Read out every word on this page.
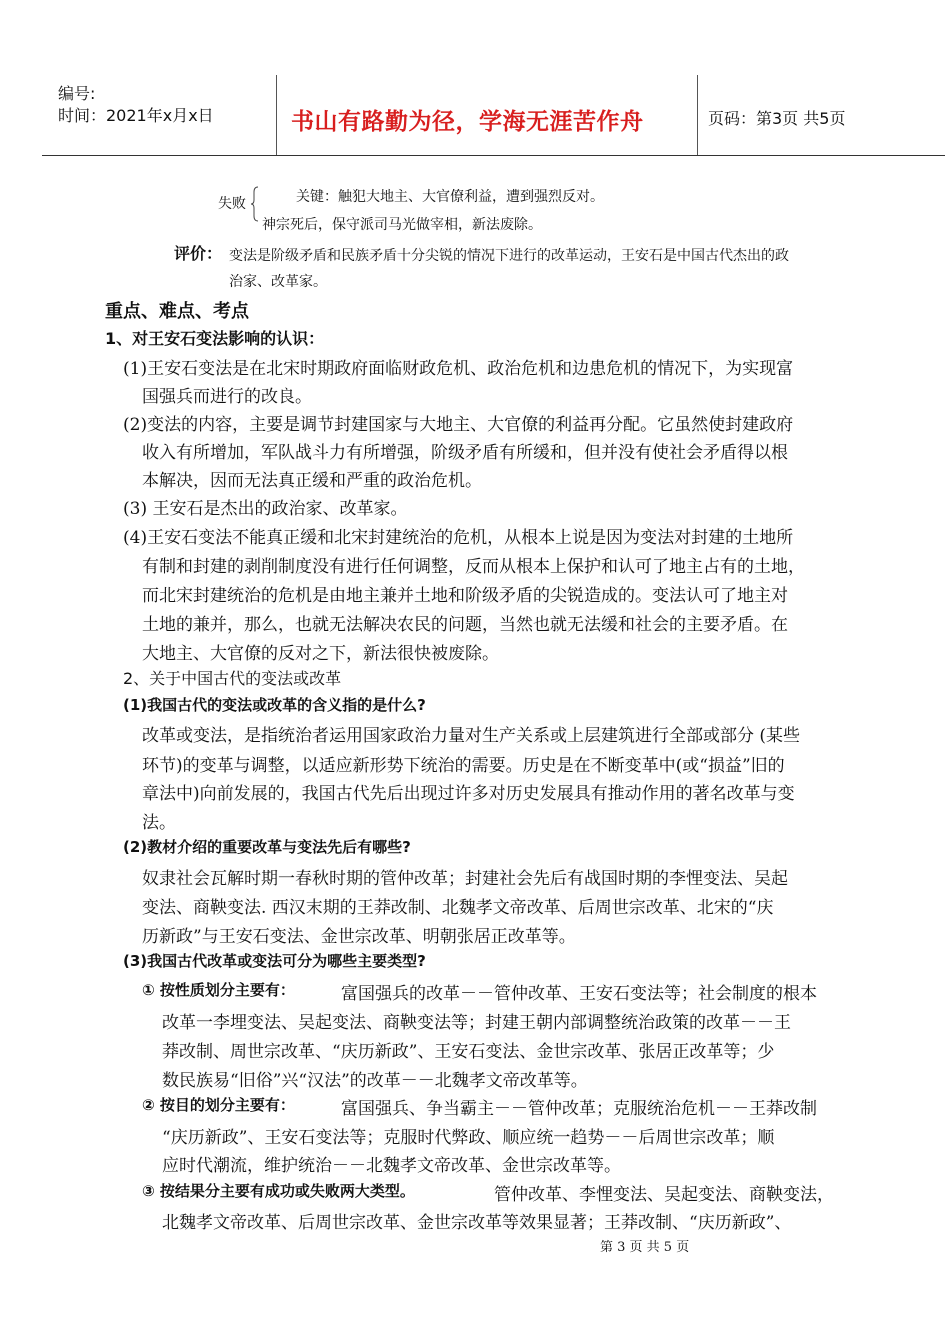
编号:
时间：2021年x月x日	书山有路勤为径，学海无涯苦作舟	页码：第3页 共5页
失败	关键：触犯大地主、大官僚利益，遭到强烈反对。
神宗死后，保守派司马光做宰相，新法废除。
评价： 变法是阶级矛盾和民族矛盾十分尖锐的情况下进行的改革运动，王安石是中国古代杰出的政
治家、改革家。
重点、难点、考点
1、对王安石变法影响的认识：
(1)王安石变法是在北宋时期政府面临财政危机、政治危机和边患危机的情况下，为实现富
国强兵而进行的改良。
(2)变法的内容，主要是调节封建国家与大地主、大官僚的利益再分配。它虽然使封建政府
收入有所增加，军队战斗力有所增强，阶级矛盾有所缓和，但并没有使社会矛盾得以根
本解决，因而无法真正缓和严重的政治危机。
(3) 王安石是杰出的政治家、改革家。
(4)王安石变法不能真正缓和北宋封建统治的危机，从根本上说是因为变法对封建的土地所
有制和封建的剥削制度没有进行任何调整，反而从根本上保护和认可了地主占有的土地，
而北宋封建统治的危机是由地主兼并土地和阶级矛盾的尖锐造成的。变法认可了地主对
土地的兼并，那么，也就无法解决农民的问题，当然也就无法缓和社会的主要矛盾。在
大地主、大官僚的反对之下，新法很快被废除。
2、关于中国古代的变法或改革
(1)我国古代的变法或改革的含义指的是什么?
改革或变法，是指统治者运用国家政治力量对生产关系或上层建筑进行全部或部分 (某些
环节)的变革与调整，以适应新形势下统治的需要。历史是在不断变革中(或“损益”旧的
章法中)向前发展的，我国古代先后出现过许多对历史发展具有推动作用的著名改革与变
法。
(2)教材介绍的重要改革与变法先后有哪些?
奴隶社会瓦解时期一春秋时期的管仲改革；封建社会先后有战国时期的李悝变法、吴起
变法、商鞅变法. 西汉末期的王莽改制、北魏孝文帝改革、后周世宗改革、北宋的“庆
历新政”与王安石变法、金世宗改革、明朝张居正改革等。
(3)我国古代改革或变法可分为哪些主要类型?
① 按性质划分主要有：	富国强兵的改革－－管仲改革、王安石变法等；社会制度的根本
改革一李埋变法、吴起变法、商鞅变法等；封建王朝内部调整统治政策的改革－－王
莽改制、周世宗改革、“庆历新政”、王安石变法、金世宗改革、张居正改革等；少
数民族易“旧俗”兴“汉法”的改革－－北魏孝文帝改革等。
② 按目的划分主要有：	富国强兵、争当霸主－－管仲改革；克服统治危机－－王莽改制
“庆历新政”、王安石变法等；克服时代弊政、顺应统一趋势－－后周世宗改革；顺
应时代潮流，维护统治－－北魏孝文帝改革、金世宗改革等。
③ 按结果分主要有成功或失败两大类型。	管仲改革、李悝变法、吴起变法、商鞅变法，
北魏孝文帝改革、后周世宗改革、金世宗改革等效果显著；王莽改制、“庆历新政”、
第 3 页 共 5 页
